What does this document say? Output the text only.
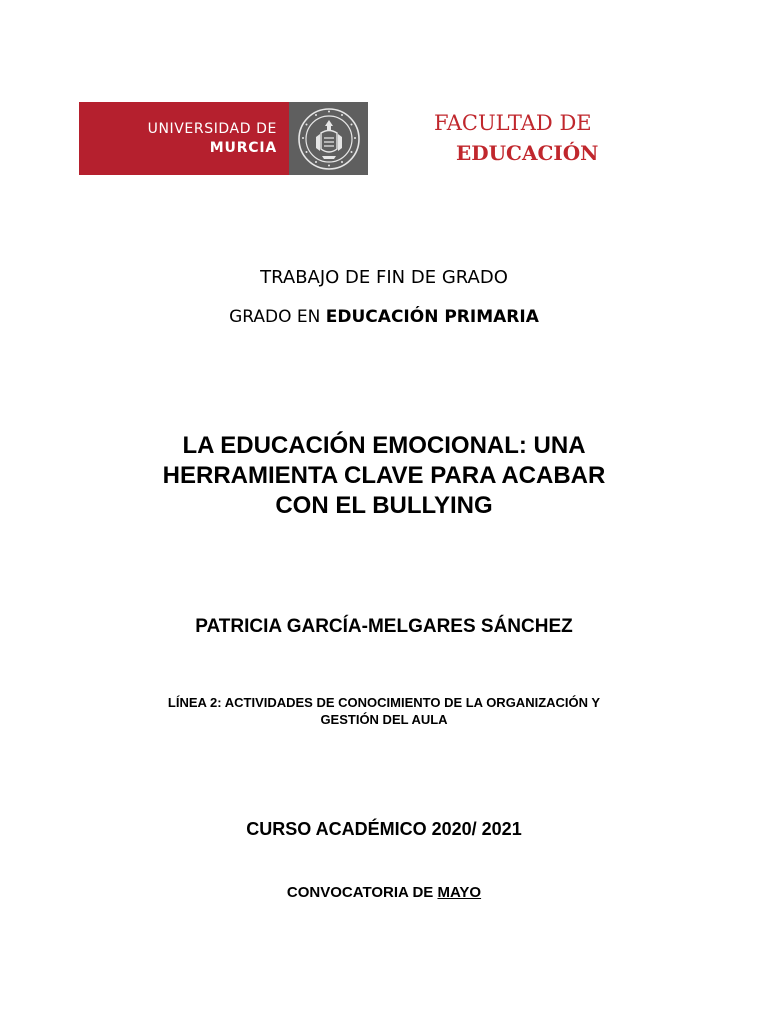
UNIVERSIDAD DE
MURCIA
FACULTAD DE
EDUCACIÓN
TRABAJO DE FIN DE GRADO
GRADO EN EDUCACIÓN PRIMARIA
LA EDUCACIÓN EMOCIONAL: UNA
HERRAMIENTA CLAVE PARA ACABAR
CON EL BULLYING
PATRICIA GARCÍA-MELGARES SÁNCHEZ
LÍNEA 2: ACTIVIDADES DE CONOCIMIENTO DE LA ORGANIZACIÓN Y
GESTIÓN DEL AULA
CURSO ACADÉMICO 2020/ 2021
CONVOCATORIA DE MAYO
